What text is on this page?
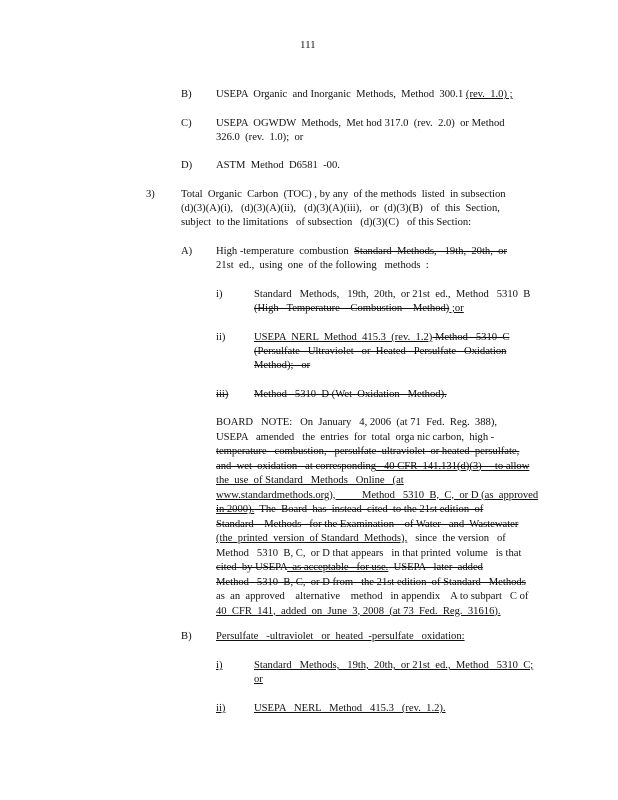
111
B) USEPA  Organic  and Inorganic  Methods,  Method  300.1 (rev.  1.0) ;
C) USEPA  OGWDW  Methods,  Met hod 317.0  (rev.  2.0)  or Method
326.0  (rev.  1.0);  or
D) ASTM  Method  D6581  -00.
3) Total  Organic  Carbon  (TOC) , by any  of the methods  listed  in subsection
(d)(3)(A)(i),   (d)(3)(A)(ii),   (d)(3)(A)(iii),   or  (d)(3)(B)   of  this  Section,
subject  to the limitations   of subsection   (d)(3)(C)   of this Section:
A) High -temperature  combustion  Standard  Methods,   19th,  20th,  or
21st  ed.,  using  one  of the following   methods  :
i)	Standard   Methods,   19th,  20th,  or 21st  ed.,  Method   5310  B
(High   Temperature    Combustion    Method) ;or
ii)	USEPA  NERL  Method  415.3  (rev.  1.2) Method   5310  C
(Persulfate   Ultraviolet   or  Heated   Persulfate   Oxidation
Method);   or
iii) Method   5310  D (Wet  Oxidation   Method).

BOARD   NOTE:   On  January   4, 2006  (at 71  Fed.  Reg.  388),

USEPA   amended   the  entries  for  total  orga nic carbon,  high -

temperature   combustion,   persulfate  ultraviolet  or heated  persulfate,

and  wet  oxidation   at corresponding   40 CFR  141.131(d)(3)     to allow

the  use  of Standard   Methods   Online   (at

www.standardmethods.org),          Method   5310  B,  C,  or D (as  approved

in 2000).  The  Board  has  instead  cited  to the 21st edition  of

Standard    Methods   for the Examination    of Water   and  Wastewater

(the  printed  version  of Standard  Methods),   since  the version   of

Method   5310  B, C,  or D that appears   in that printed  volume   is that

cited  by USEPA  as acceptable   for use.  USEPA   later  added

Method   5310  B, C,  or D from   the 21st edition  of Standard   Methods

as  an  approved    alternative    method   in appendix    A to subpart   C of

40  CFR  141,  added  on  June  3, 2008  (at 73  Fed.  Reg.  31616).

B) Persulfate   -ultraviolet   or  heated  -persulfate   oxidation:
i)	Standard   Methods,   19th,  20th,  or 21st  ed.,  Method   5310  C;
or
ii)	USEPA   NERL   Method   415.3   (rev.  1.2).
